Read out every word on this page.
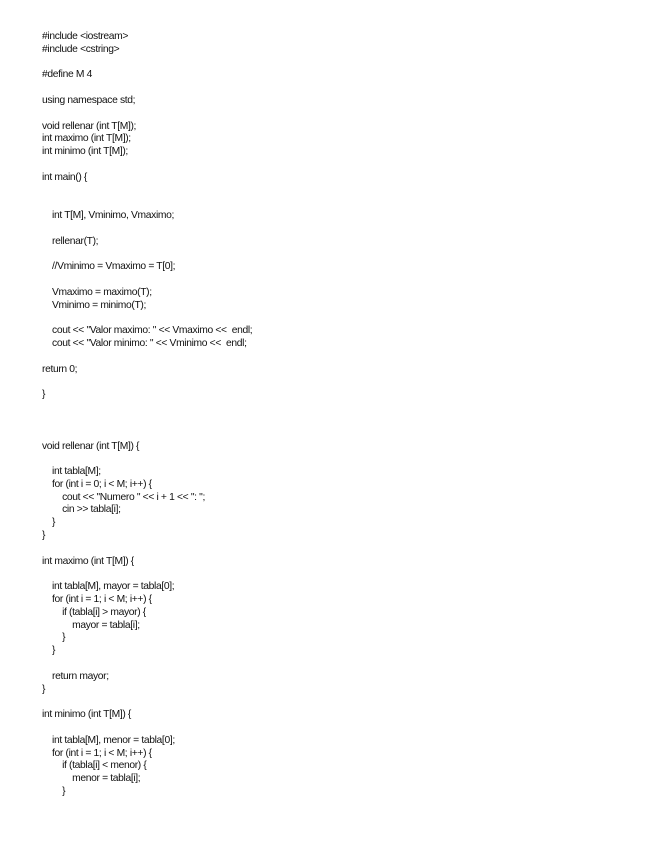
#include <iostream>
#include <cstring>
#define M 4
using namespace std;
void rellenar (int T[M]);
int maximo (int T[M]);
int minimo (int T[M]);
int main() {
int T[M], Vminimo, Vmaximo;
rellenar(T);
//Vminimo = Vmaximo = T[0];
Vmaximo = maximo(T);
Vminimo = minimo(T);
cout << "Valor maximo: " << Vmaximo <<  endl;
cout << "Valor minimo: " << Vminimo <<  endl;
return 0;
}
void rellenar (int T[M]) {
int tabla[M];
for (int i = 0; i < M; i++) {
cout << "Numero " << i + 1 << ": ";
cin >> tabla[i];
}
}
int maximo (int T[M]) {
int tabla[M], mayor = tabla[0];
for (int i = 1; i < M; i++) {
if (tabla[i] > mayor) {
mayor = tabla[i];
}
}
return mayor;
}
int minimo (int T[M]) {
int tabla[M], menor = tabla[0];
for (int i = 1; i < M; i++) {
if (tabla[i] < menor) {
menor = tabla[i];
}
